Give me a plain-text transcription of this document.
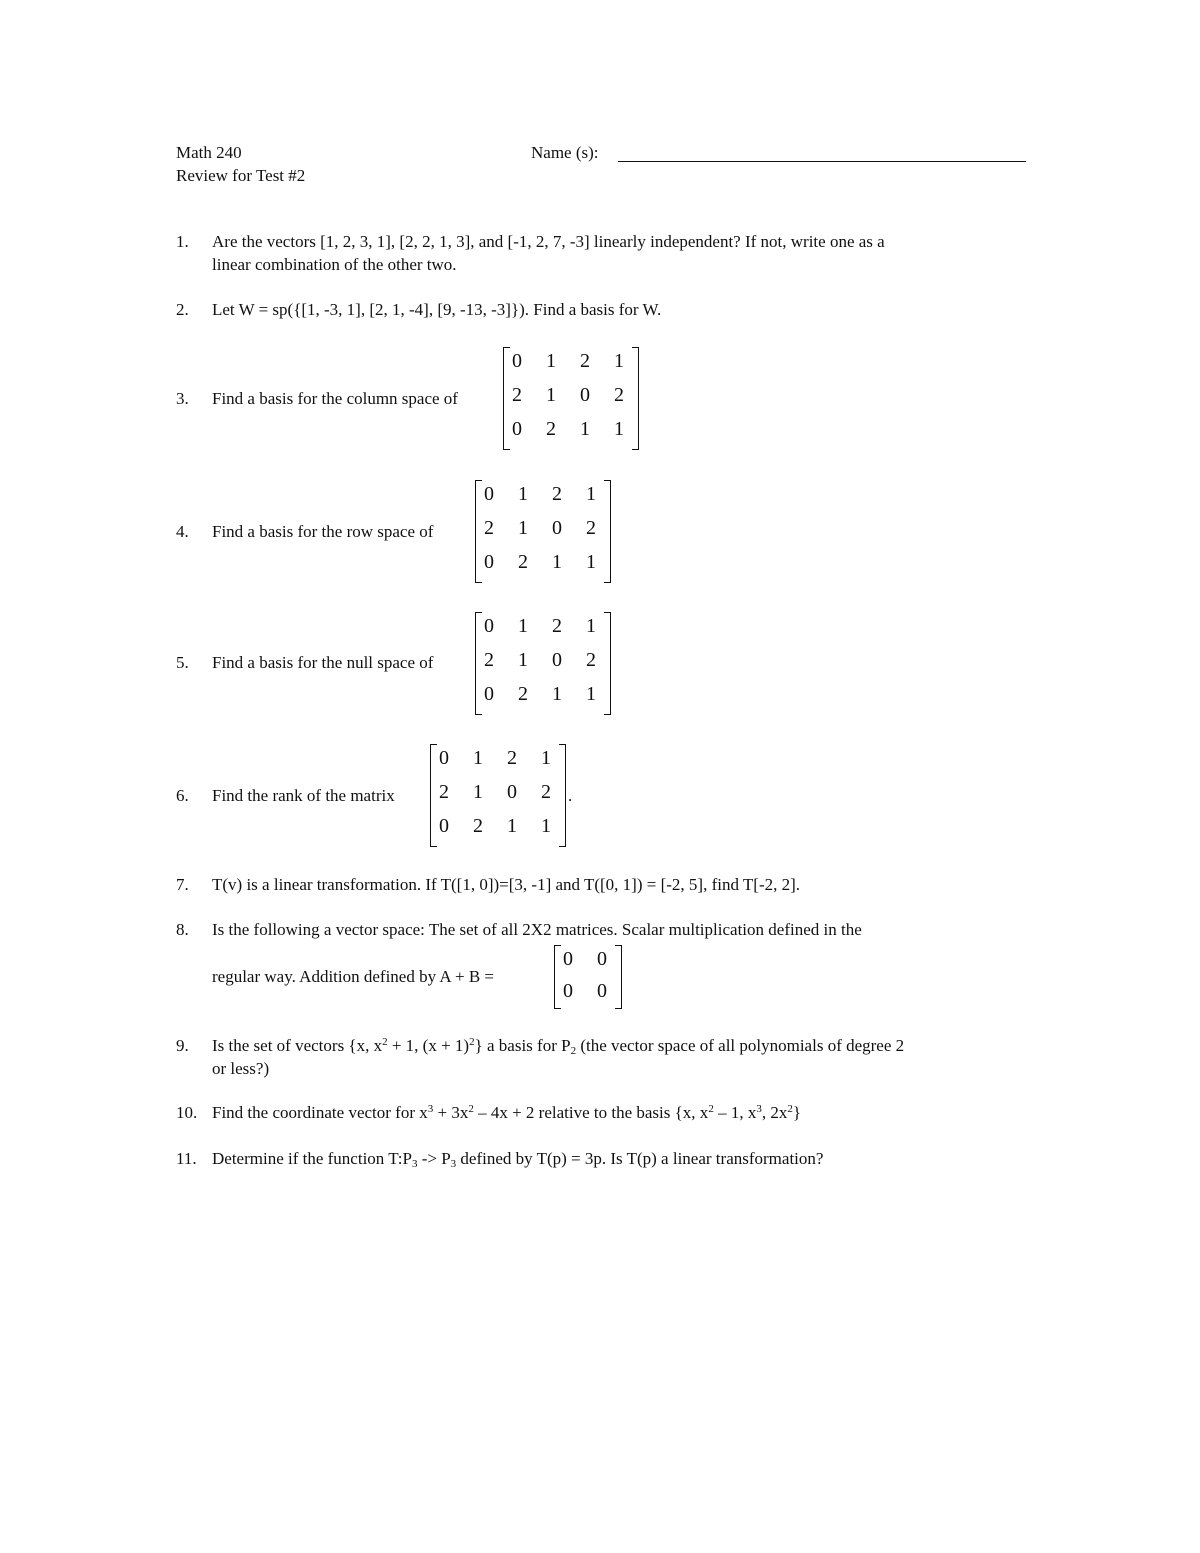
Math 240
Review for Test #2
Name (s):
1. Are the vectors [1, 2, 3, 1], [2, 2, 1, 3], and [-1, 2, 7, -3] linearly independent? If not, write one as a
linear combination of the other two.
2. Let W = sp({[1, -3, 1], [2, 1, -4], [9, -13, -3]}). Find a basis for W.
3. Find a basis for the column space of
0 1 2 1
2 1 0 2
0 2 1 1
4. Find a basis for the row space of
0 1 2 1
2 1 0 2
0 2 1 1
5. Find a basis for the null space of
0 1 2 1
2 1 0 2
0 2 1 1
6. Find the rank of the matrix
0 1 2 1
2 1 0 2
0 2 1 1
.
7. T(v) is a linear transformation. If T([1, 0])=[3, -1] and T([0, 1]) = [-2, 5], find T[-2, 2].
8. Is the following a vector space: The set of all 2X2 matrices. Scalar multiplication defined in the
regular way. Addition defined by A + B =
0 0
0 0
9. Is the set of vectors {x, $x^2 + 1$, $(x + 1)^2$} a basis for $P_2$ (the vector space of all polynomials of degree 2
or less?)
10. Find the coordinate vector for $x^3 + 3x^2 - 4x + 2$ relative to the basis {x, $x^2 - 1$, $x^3$, $2x^2$}
11. Determine if the function $T:P_3 -> P_3$ defined by T(p) = 3p. Is T(p) a linear transformation?
